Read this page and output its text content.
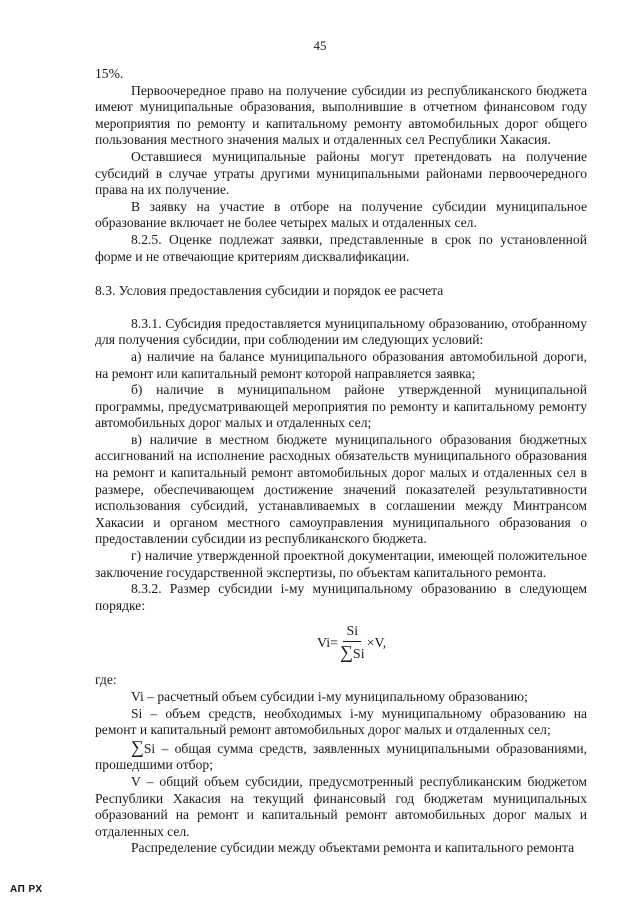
45

15%.

Первоочередное право на получение субсидии из республиканского бюджета имеют муниципальные образования, выполнившие в отчетном финансовом году мероприятия по ремонту и капитальному ремонту автомобильных дорог общего пользования местного значения малых и отдаленных сел Республики Хакасия.

Оставшиеся муниципальные районы могут претендовать на получение субсидий в случае утраты другими муниципальными районами первоочередного права на их получение.

В заявку на участие в отборе на получение субсидии муниципальное образование включает не более четырех малых и отдаленных сел.

8.2.5. Оценке подлежат заявки, представленные в срок по установленной форме и не отвечающие критериям дисквалификации.

8.3. Условия предоставления субсидии и порядок ее расчета

8.3.1. Субсидия предоставляется муниципальному образованию, отобранному для получения субсидии, при соблюдении им следующих условий:

а) наличие на балансе муниципального образования автомобильной дороги, на ремонт или капитальный ремонт которой направляется заявка;

б) наличие в муниципальном районе утвержденной муниципальной программы, предусматривающей мероприятия по ремонту и капитальному ремонту автомобильных дорог малых и отдаленных сел;

в) наличие в местном бюджете муниципального образования бюджетных ассигнований на исполнение расходных обязательств муниципального образования на ремонт и капитальный ремонт автомобильных дорог малых и отдаленных сел в размере, обеспечивающем достижение значений показателей результативности использования субсидий, устанавливаемых в соглашении между Минтрансом Хакасии и органом местного самоуправления муниципального образования о предоставлении субсидии из республиканского бюджета.

г) наличие утвержденной проектной документации, имеющей положительное заключение государственной экспертизы, по объектам капитального ремонта.

8.3.2. Размер субсидии i-му муниципальному образованию в следующем порядке:

$Vi= \frac{Si}{\sum Si} \times V$,

где:

Vi – расчетный объем субсидии i-му муниципальному образованию;

Si – объем средств, необходимых i-му муниципальному образованию на ремонт и капитальный ремонт автомобильных дорог малых и отдаленных сел;

∑Si – общая сумма средств, заявленных муниципальными образованиями, прошедшими отбор;

V – общий объем субсидии, предусмотренный республиканским бюджетом Республики Хакасия на текущий финансовый год бюджетам муниципальных образований на ремонт и капитальный ремонт автомобильных дорог малых и отдаленных сел.

Распределение субсидии между объектами ремонта и капитального ремонта

АП РХ
